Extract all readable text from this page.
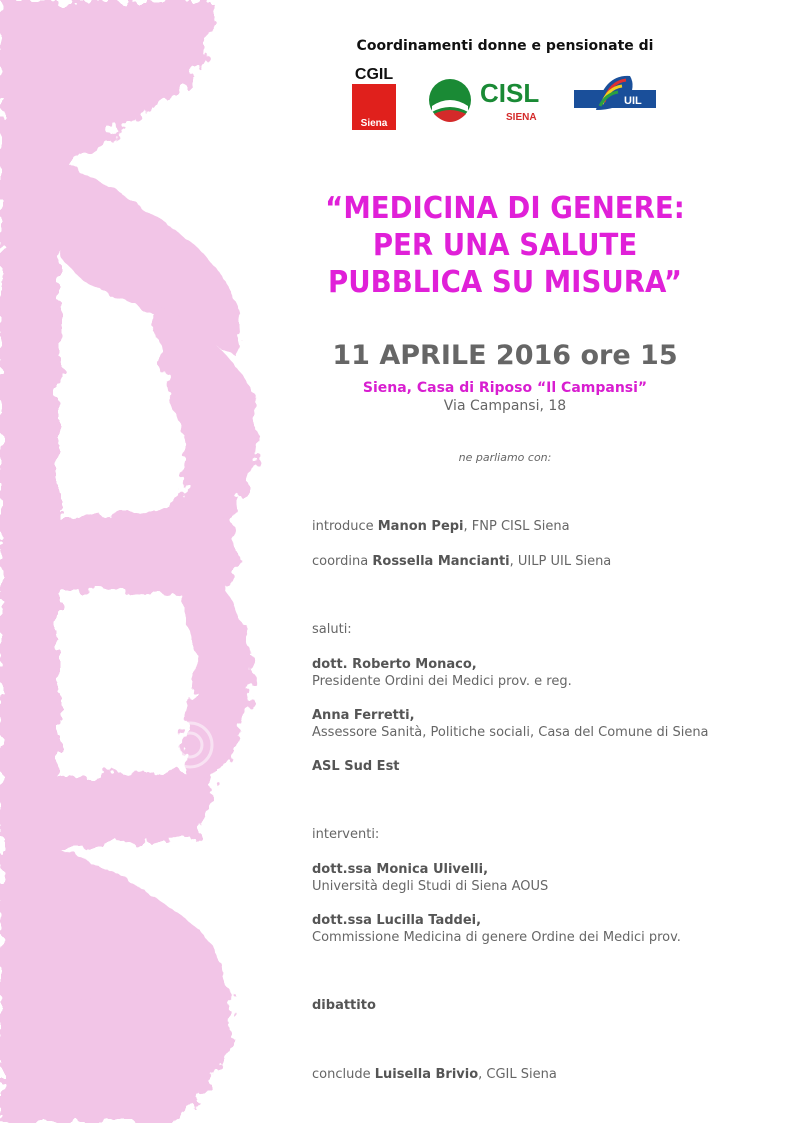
Coordinamenti donne e pensionate di
CGIL
Siena
CISL
SIENA
UIL
“MEDICINA DI GENERE:
PER UNA SALUTE
PUBBLICA SU MISURA”
11 APRILE 2016 ore 15
Siena, Casa di Riposo “Il Campansi”
Via Campansi, 18
ne parliamo con:
introduce Manon Pepi, FNP CISL Siena
coordina Rossella Mancianti, UILP UIL Siena
saluti:
dott. Roberto Monaco,
Presidente Ordini dei Medici prov. e reg.
Anna Ferretti,
Assessore Sanità, Politiche sociali, Casa del Comune di Siena
ASL Sud Est
interventi:
dott.ssa Monica Ulivelli,
Università degli Studi di Siena AOUS
dott.ssa Lucilla Taddei,
Commissione Medicina di genere Ordine dei Medici prov.
dibattito
conclude Luisella Brivio, CGIL Siena
